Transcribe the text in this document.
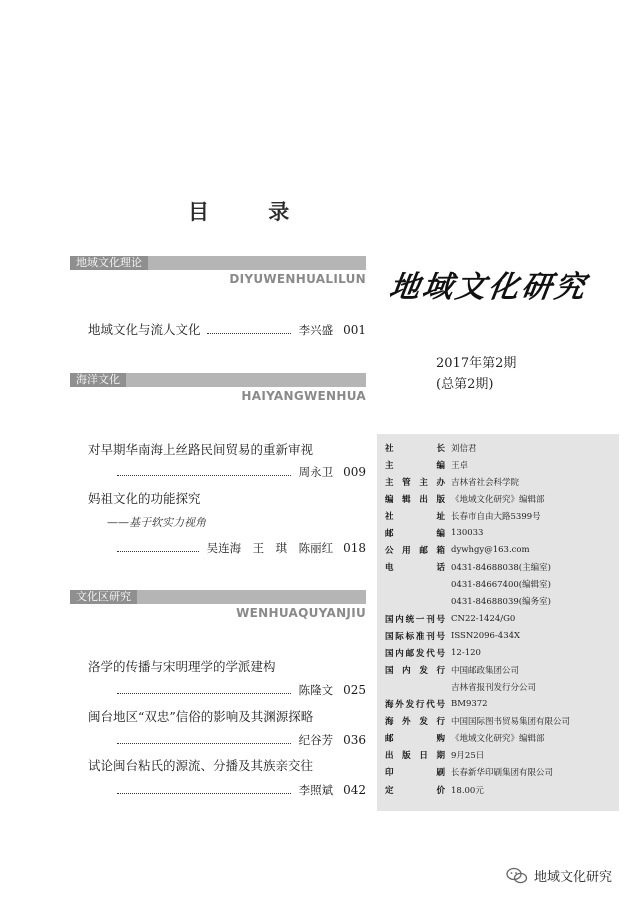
目 录
地域文化理论
DIYUWENHUALILUN
地域文化与流人文化	李兴盛 001
海洋文化
HAIYANGWENHUA
对早期华南海上丝路民间贸易的重新审视
周永卫 009
妈祖文化的功能探究
——基于软实力视角
吴连海　王　琪　陈丽红 018
文化区研究
WENHUAQUYANJIU
洛学的传播与宋明理学的学派建构
陈隆文 025
闽台地区“双忠”信俗的影响及其渊源探略
纪谷芳 036
试论闽台粘氏的源流、分播及其族亲交往
李照斌 042
地域文化研究
2017年第2期
(总第2期)
社长 刘信君
主编 王卓
主管主办 吉林省社会科学院
编辑出版 《地域文化研究》编辑部
社址 长春市自由大路5399号
邮编 130033
公用邮箱 dywhgy@163.com
电话 0431-84688038(主编室)
0431-84667400(编辑室)
0431-84688039(编务室)
国内统一刊号 CN22-1424/G0
国际标准刊号 ISSN2096-434X
国内邮发代号 12-120
国内发行 中国邮政集团公司
吉林省报刊发行分公司
海外发行代号 BM9372
海外发行 中国国际图书贸易集团有限公司
邮购 《地域文化研究》编辑部
出版日期 9月25日
印刷 长春新华印刷集团有限公司
定价 18.00元
地域文化研究
